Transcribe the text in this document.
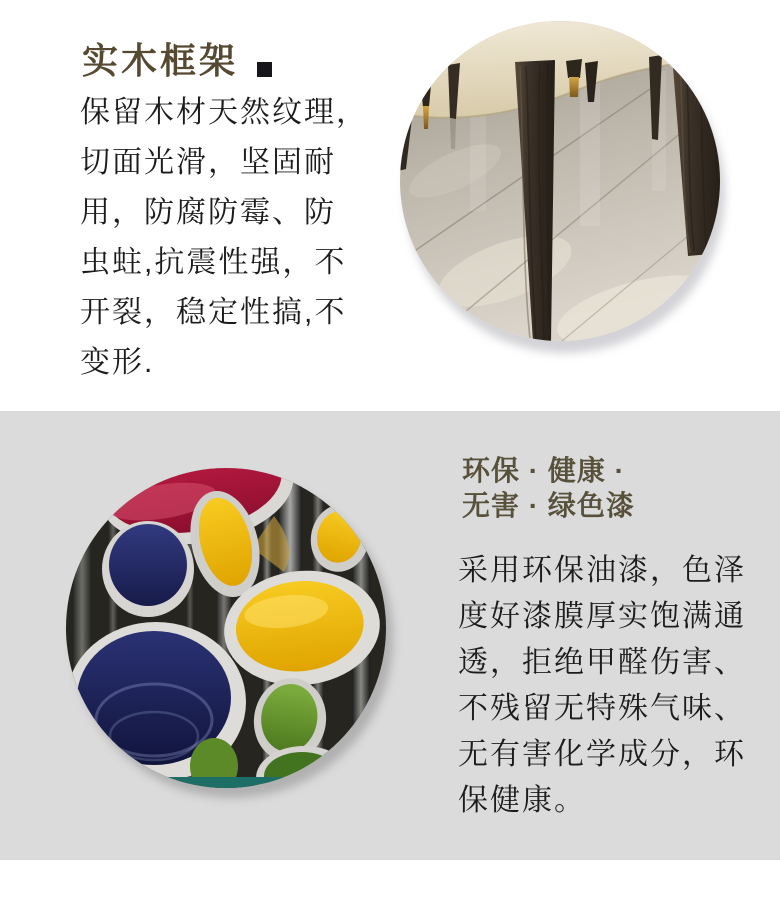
实木框架
保留木材天然纹理，
切面光滑，坚固耐
用，防腐防霉、防
虫蛀,抗震性强，不
开裂，稳定性搞,不
变形.
环保 · 健康 ·
无害 · 绿色漆
采用环保油漆，色泽
度好漆膜厚实饱满通
透，拒绝甲醛伤害、
不残留无特殊气味、
无有害化学成分，环
保健康。
